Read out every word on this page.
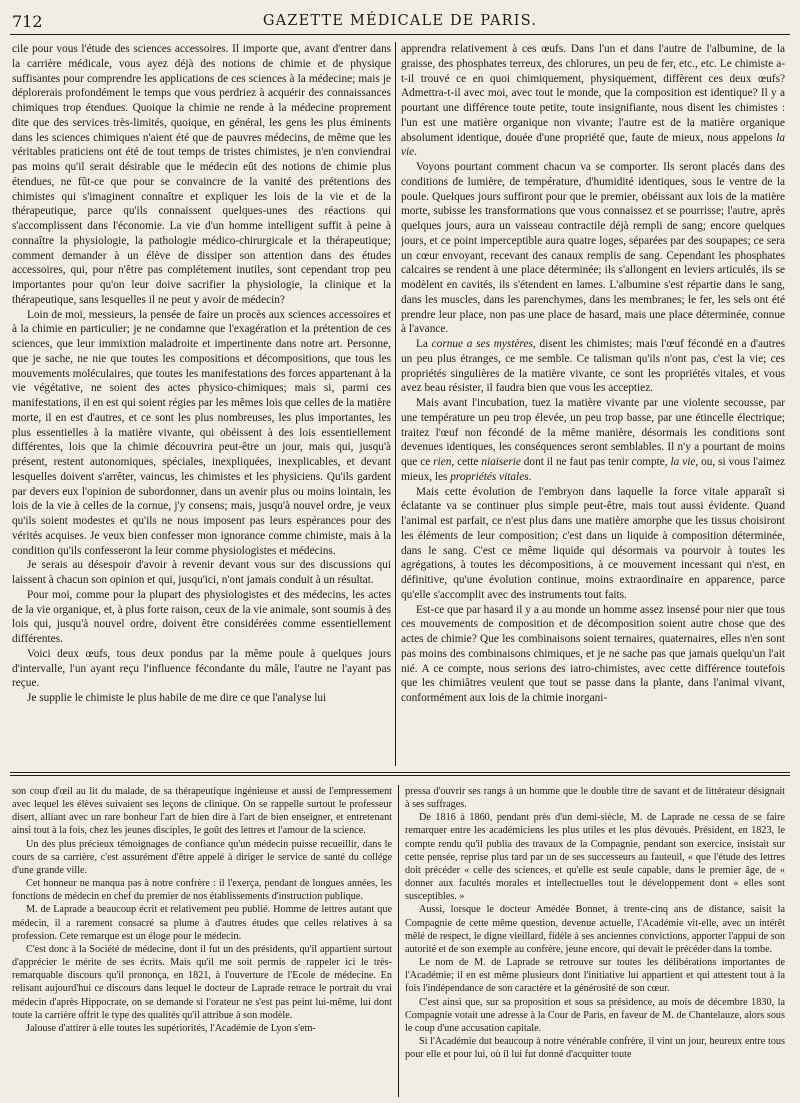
712	GAZETTE MÉDICALE DE PARIS.

cile pour vous l'étude des sciences accessoires. Il importe que, avant d'entrer dans la carrière médicale, vous ayez déjà des notions de chimie et de physique suffisantes pour comprendre les applications de ces sciences à la médecine; mais je déplorerais profondément le temps que vous perdriez à acquérir des connaissances chimiques trop étendues. Quoique la chimie ne rende à la médecine proprement dite que des services très-limités, quoique, en général, les gens les plus éminents dans les sciences chimiques n'aient été que de pauvres médecins, de même que les véritables praticiens ont été de tout temps de tristes chimistes, je n'en conviendrai pas moins qu'il serait désirable que le médecin eût des notions de chimie plus étendues, ne fût-ce que pour se convaincre de la vanité des prétentions des chimistes qui s'imaginent connaître et expliquer les lois de la vie et de la thérapeutique, parce qu'ils connaissent quelques-unes des réactions qui s'accomplissent dans l'économie. La vie d'un homme intelligent suffit à peine à connaître la physiologie, la pathologie médico-chirurgicale et la thérapeutique; comment demander à un élève de dissiper son attention dans des études accessoires, qui, pour n'être pas complétement inutiles, sont cependant trop peu importantes pour qu'on leur doive sacrifier la physiologie, la clinique et la thérapeutique, sans lesquelles il ne peut y avoir de médecin?

Loin de moi, messieurs, la pensée de faire un procès aux sciences accessoires et à la chimie en particulier; je ne condamne que l'exagération et la prétention de ces sciences, que leur immixtion maladroite et impertinente dans notre art. Personne, que je sache, ne nie que toutes les compositions et décompositions, que tous les mouvements moléculaires, que toutes les manifestations des forces appartenant à la vie végétative, ne soient des actes physico-chimiques; mais si, parmi ces manifestations, il en est qui soient régies par les mêmes lois que celles de la matière morte, il en est d'autres, et ce sont les plus nombreuses, les plus importantes, les plus essentielles à la matière vivante, qui obéissent à des lois essentiellement différentes, lois que la chimie découvrira peut-être un jour, mais qui, jusqu'à présent, restent autonomiques, spéciales, inexpliquées, inexplicables, et devant lesquelles doivent s'arrêter, vaincus, les chimistes et les physiciens. Qu'ils gardent par devers eux l'opinion de subordonner, dans un avenir plus ou moins lointain, les lois de la vie à celles de la cornue, j'y consens; mais, jusqu'à nouvel ordre, je veux qu'ils soient modestes et qu'ils ne nous imposent pas leurs espérances pour des vérités acquises. Je veux bien confesser mon ignorance comme chimiste, mais à la condition qu'ils confesseront la leur comme physiologistes et médecins.

Je serais au désespoir d'avoir à revenir devant vous sur des discussions qui laissent à chacun son opinion et qui, jusqu'ici, n'ont jamais conduit à un résultat.

Pour moi, comme pour la plupart des physiologistes et des médecins, les actes de la vie organique, et, à plus forte raison, ceux de la vie animale, sont soumis à des lois qui, jusqu'à nouvel ordre, doivent être considérées comme essentiellement différentes.

Voici deux œufs, tous deux pondus par la même poule à quelques jours d'intervalle, l'un ayant reçu l'influence fécondante du mâle, l'autre ne l'ayant pas reçue.

Je supplie le chimiste le plus habile de me dire ce que l'analyse lui

apprendra relativement à ces œufs. Dans l'un et dans l'autre de l'albumine, de la graisse, des phosphates terreux, des chlorures, un peu de fer, etc., etc. Le chimiste a-t-il trouvé ce en quoi chimiquement, physiquement, diffèrent ces deux œufs? Admettra-t-il avec moi, avec tout le monde, que la composition est identique? Il y a pourtant une différence toute petite, toute insignifiante, nous disent les chimistes : l'un est une matière organique non vivante; l'autre est de la matière organique absolument identique, douée d'une propriété que, faute de mieux, nous appelons la vie.

Voyons pourtant comment chacun va se comporter. Ils seront placés dans des conditions de lumière, de température, d'humidité identiques, sous le ventre de la poule. Quelques jours suffiront pour que le premier, obéissant aux lois de la matière morte, subisse les transformations que vous connaissez et se pourrisse; l'autre, après quelques jours, aura un vaisseau contractile déjà rempli de sang; encore quelques jours, et ce point imperceptible aura quatre loges, séparées par des soupapes; ce sera un cœur envoyant, recevant des canaux remplis de sang. Cependant les phosphates calcaires se rendent à une place déterminée; ils s'allongent en leviers articulés, ils se modèlent en cavités, ils s'étendent en lames. L'albumine s'est répartie dans le sang, dans les muscles, dans les parenchymes, dans les membranes; le fer, les sels ont été prendre leur place, non pas une place de hasard, mais une place déterminée, connue à l'avance.

La cornue a ses mystères, disent les chimistes; mais l'œuf fécondé en a d'autres un peu plus étranges, ce me semble. Ce talisman qu'ils n'ont pas, c'est la vie; ces propriétés singulières de la matière vivante, ce sont les propriétés vitales, et vous avez beau résister, il faudra bien que vous les acceptiez.

Mais avant l'incubation, tuez la matière vivante par une violente secousse, par une température un peu trop élevée, un peu trop basse, par une étincelle électrique; traitez l'œuf non fécondé de la même manière, désormais les conditions sont devenues identiques, les conséquences seront semblables. Il n'y a pourtant de moins que ce rien, cette niaiserie dont il ne faut pas tenir compte, la vie, ou, si vous l'aimez mieux, les propriétés vitales.

Mais cette évolution de l'embryon dans laquelle la force vitale apparaît si éclatante va se continuer plus simple peut-être, mais tout aussi évidente. Quand l'animal est parfait, ce n'est plus dans une matière amorphe que les tissus choisiront les éléments de leur composition; c'est dans un liquide à composition déterminée, dans le sang. C'est ce même liquide qui désormais va pourvoir à toutes les agrégations, à toutes les décompositions, à ce mouvement incessant qui n'est, en définitive, qu'une évolution continue, moins extraordinaire en apparence, parce qu'elle s'accomplit avec des instruments tout faits.

Est-ce que par hasard il y a au monde un homme assez insensé pour nier que tous ces mouvements de composition et de décomposition soient autre chose que des actes de chimie? Que les combinaisons soient ternaires, quaternaires, elles n'en sont pas moins des combinaisons chimiques, et je ne sache pas que jamais quelqu'un l'ait nié. A ce compte, nous serions des iatro-chimistes, avec cette différence toutefois que les chimiâtres veulent que tout se passe dans la plante, dans l'animal vivant, conformément aux lois de la chimie inorgani-

son coup d'œil au lit du malade, de sa thérapeutique ingénieuse et aussi de l'empressement avec lequel les élèves suivaient ses leçons de clinique. On se rappelle surtout le professeur disert, alliant avec un rare bonheur l'art de bien dire à l'art de bien enseigner, et entretenant ainsi tout à la fois, chez les jeunes disciples, le goût des lettres et l'amour de la science.

Un des plus précieux témoignages de confiance qu'un médecin puisse recueillir, dans le cours de sa carrière, c'est assurément d'être appelé à diriger le service de santé du collége d'une grande ville.

Cet honneur ne manqua pas à notre confrère : il l'exerça, pendant de longues années, les fonctions de médecin en chef du premier de nos établissements d'instruction publique.

M. de Laprade a beaucoup écrit et relativement peu publié. Homme de lettres autant que médecin, il a rarement consacré sa plume à d'autres études que celles relatives à sa profession. Cete remarque est un éloge pour le médecin.

C'est donc à la Société de médecine, dont il fut un des présidents, qu'il appartient surtout d'apprécier le mérite de ses écrits. Mais qu'il me soit permis de rappeler ici le très-remarquable discours qu'il prononça, en 1821, à l'ouverture de l'Ecole de médecine. En relisant aujourd'hui ce discours dans lequel le docteur de Laprade retrace le portrait du vrai médecin d'après Hippocrate, on se demande si l'orateur ne s'est pas peint lui-même, lui dont toute la carrière offrit le type des qualités qu'il attribue à son modèle.

Jalouse d'attirer à elle toutes les supériorités, l'Académie de Lyon s'em-

pressa d'ouvrir ses rangs à un homme que le double titre de savant et de littérateur désignait à ses suffrages.

De 1816 à 1860, pendant près d'un demi-siècle, M. de Laprade ne cessa de se faire remarquer entre les académiciens les plus utiles et les plus dévoués. Président, en 1823, le compte rendu qu'il publia des travaux de la Compagnie, pendant son exercice, insistait sur cette pensée, reprise plus tard par un de ses successeurs au fauteuil, « que l'étude des lettres doit précéder « celle des sciences, et qu'elle est seule capable, dans le premier âge, de « donner aux facultés morales et intellectuelles tout le développement dont « elles sont susceptibles. »

Aussi, lorsque le docteur Amédée Bonnet, à trente-cinq ans de distance, saisit la Compagnie de cette même question, devenue actuelle, l'Académie vit-elle, avec un intérêt mêlé de respect, le digne vieillard, fidèle à ses anciennes convictions, apporter l'appui de son autorité et de son exemple au confrère, jeune encore, qui devait le précéder dans la tombe.

Le nom de M. de Laprade se retrouve sur toutes les délibérations importantes de l'Académie; il en est même plusieurs dont l'initiative lui appartient et qui attestent tout à la fois l'indépendance de son caractère et la générosité de son cœur.

C'est ainsi que, sur sa proposition et sous sa présidence, au mois de décembre 1830, la Compagnie votait une adresse à la Cour de Paris, en faveur de M. de Chantelauze, alors sous le coup d'une accusation capitale.

Si l'Académie dut beaucoup à notre vénérable confrère, il vint un jour, heureux entre tous pour elle et pour lui, où il lui fut donné d'acquitter toute
